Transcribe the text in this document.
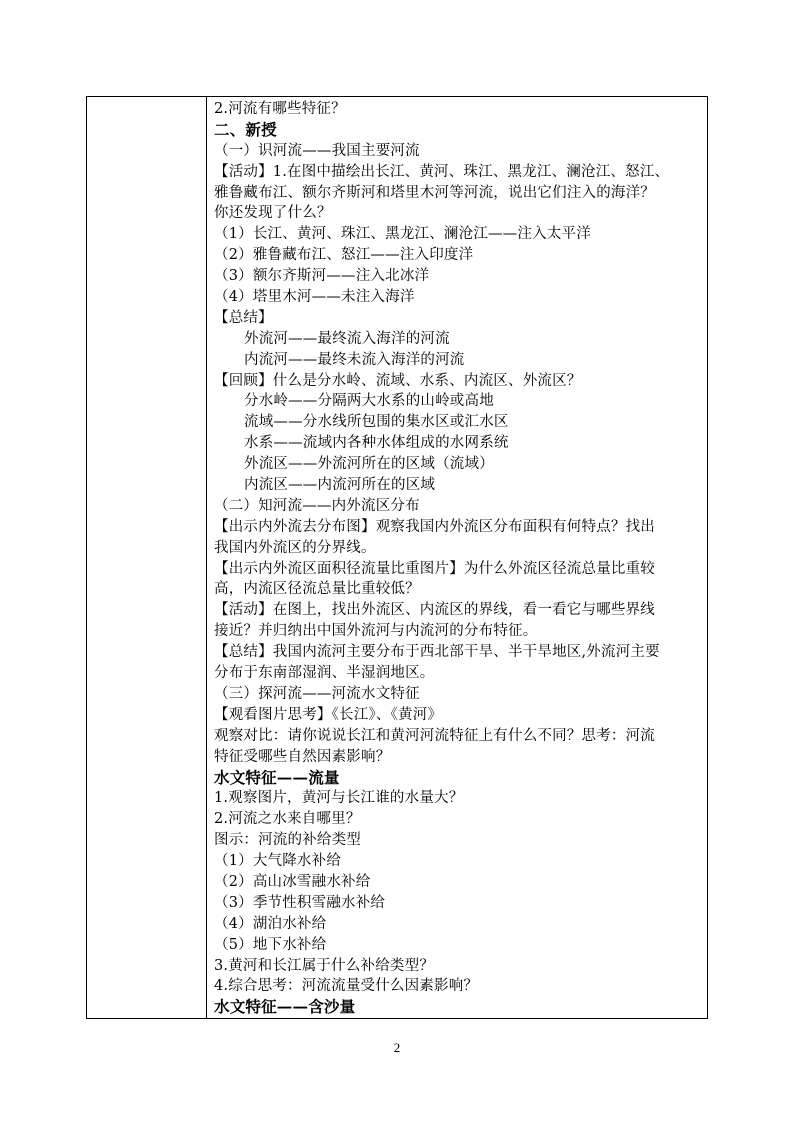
2.河流有哪些特征？
二、新授
（一）识河流——我国主要河流
【活动】1.在图中描绘出长江、黄河、珠江、黑龙江、澜沧江、怒江、
雅鲁藏布江、额尔齐斯河和塔里木河等河流，说出它们注入的海洋？
你还发现了什么？
（1）长江、黄河、珠江、黑龙江、澜沧江——注入太平洋
（2）雅鲁藏布江、怒江——注入印度洋
（3）额尔齐斯河——注入北冰洋
（4）塔里木河——未注入海洋
【总结】
外流河——最终流入海洋的河流
内流河——最终未流入海洋的河流
【回顾】什么是分水岭、流域、水系、内流区、外流区？
分水岭——分隔两大水系的山岭或高地
流域——分水线所包围的集水区或汇水区
水系——流域内各种水体组成的水网系统
外流区——外流河所在的区域（流域）
内流区——内流河所在的区域
（二）知河流——内外流区分布
【出示内外流去分布图】观察我国内外流区分布面积有何特点？找出
我国内外流区的分界线。
【出示内外流区面积径流量比重图片】为什么外流区径流总量比重较
高，内流区径流总量比重较低？
【活动】在图上，找出外流区、内流区的界线，看一看它与哪些界线
接近？并归纳出中国外流河与内流河的分布特征。
【总结】我国内流河主要分布于西北部干旱、半干旱地区,外流河主要
分布于东南部湿润、半湿润地区。
（三）探河流——河流水文特征
【观看图片思考】《长江》、《黄河》
观察对比：请你说说长江和黄河河流特征上有什么不同？思考：河流
特征受哪些自然因素影响？
水文特征——流量
1.观察图片，黄河与长江谁的水量大？
2.河流之水来自哪里？
图示：河流的补给类型
（1）大气降水补给
（2）高山冰雪融水补给
（3）季节性积雪融水补给
（4）湖泊水补给
（5）地下水补给
3.黄河和长江属于什么补给类型？
4.综合思考：河流流量受什么因素影响？
水文特征——含沙量
2
